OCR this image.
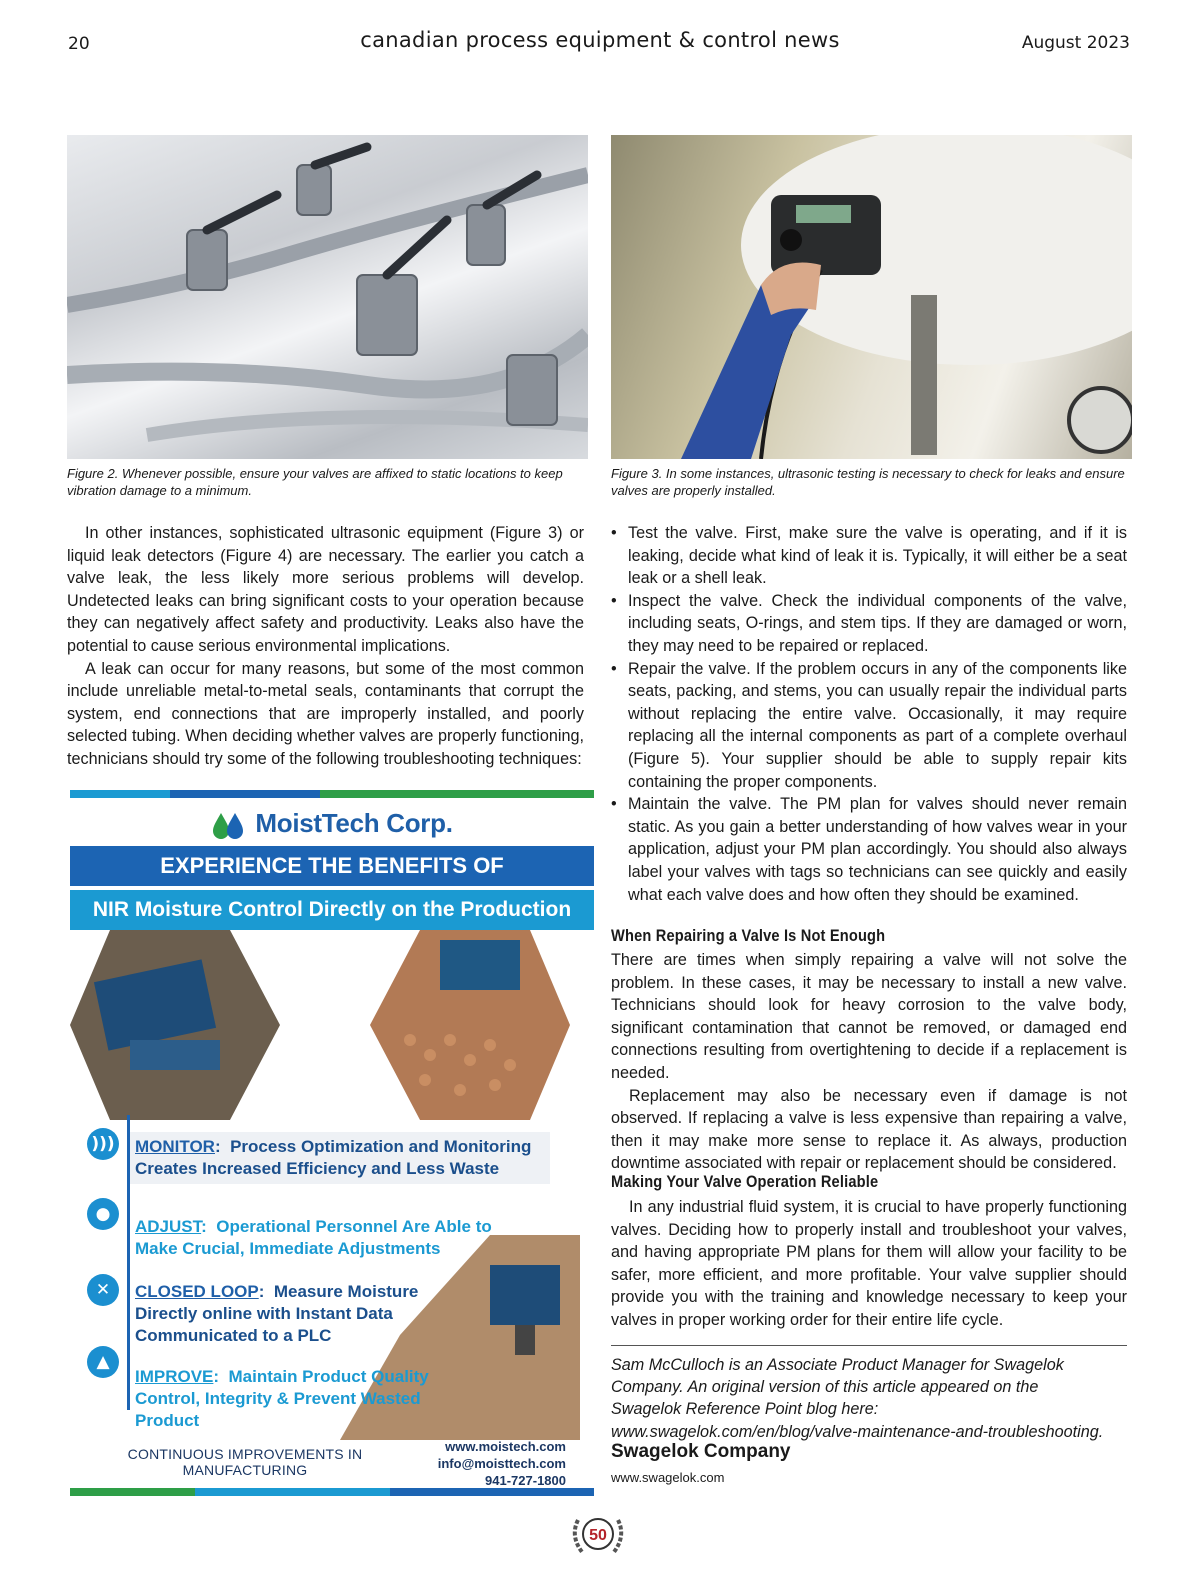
20	canadian process equipment & control news	August 2023
Figure 2. Whenever possible, ensure your valves are affixed to static locations to keep vibration damage to a minimum.
Figure 3. In some instances, ultrasonic testing is necessary to check for leaks and ensure valves are properly installed.

In other instances, sophisticated ultrasonic equipment (Figure 3) or liquid leak detectors (Figure 4) are necessary. The earlier you catch a valve leak, the less likely more serious problems will develop. Undetected leaks can bring significant costs to your operation because they can negatively affect safety and productivity. Leaks also have the potential to cause serious environmental implications.

A leak can occur for many reasons, but some of the most common include unreliable metal-to-metal seals, contaminants that corrupt the system, end connections that are improperly installed, and poorly selected tubing. When deciding whether valves are properly functioning, technicians should try some of the following troubleshooting techniques:

• Test the valve. First, make sure the valve is operating, and if it is leaking, decide what kind of leak it is. Typically, it will either be a seat leak or a shell leak.
• Inspect the valve. Check the individual components of the valve, including seats, O-rings, and stem tips. If they are damaged or worn, they may need to be repaired or replaced.
• Repair the valve. If the problem occurs in any of the components like seats, packing, and stems, you can usually repair the individual parts without replacing the entire valve. Occasionally, it may require replacing all the internal components as part of a complete overhaul (Figure 5). Your supplier should be able to supply repair kits containing the proper components.
• Maintain the valve. The PM plan for valves should never remain static. As you gain a better understanding of how valves wear in your application, adjust your PM plan accordingly. You should also always label your valves with tags so technicians can see quickly and easily what each valve does and how often they should be examined.
When Repairing a Valve Is Not Enough

There are times when simply repairing a valve will not solve the problem. In these cases, it may be necessary to install a new valve. Technicians should look for heavy corrosion to the valve body, significant contamination that cannot be removed, or damaged end connections resulting from overtightening to decide if a replacement is needed.

Replacement may also be necessary even if damage is not observed. If replacing a valve is less expensive than repairing a valve, then it may make more sense to replace it. As always, production downtime associated with repair or replacement should be considered.

Making Your Valve Operation Reliable

In any industrial fluid system, it is crucial to have properly functioning valves. Deciding how to properly install and troubleshoot your valves, and having appropriate PM plans for them will allow your facility to be safer, more efficient, and more profitable. Your valve supplier should provide you with the training and knowledge necessary to keep your valves in proper working order for their entire life cycle.

Sam McCulloch is an Associate Product Manager for Swagelok Company. An original version of this article appeared on the Swagelok Reference Point blog here: www.swagelok.com/en/blog/valve-maintenance-and-troubleshooting.
Swagelok Company
www.swagelok.com
MoistTech Corp.
EXPERIENCE THE BENEFITS OF
NIR Moisture Control Directly on the Production Line
))) MONITOR:  Process Optimization and Monitoring Creates Increased Efficiency and Less Waste
●
ADJUST:  Operational Personnel Are Able to Make Crucial, Immediate Adjustments
✕	CLOSED LOOP:  Measure Moisture Directly online with Instant Data Communicated to a PLC
▲
IMPROVE:  Maintain Product Quality Control, Integrity & Prevent Wasted Product
CONTINUOUS IMPROVEMENTS IN MANUFACTURING
www.moistech.com
info@moisttech.com
941-727-1800
50
